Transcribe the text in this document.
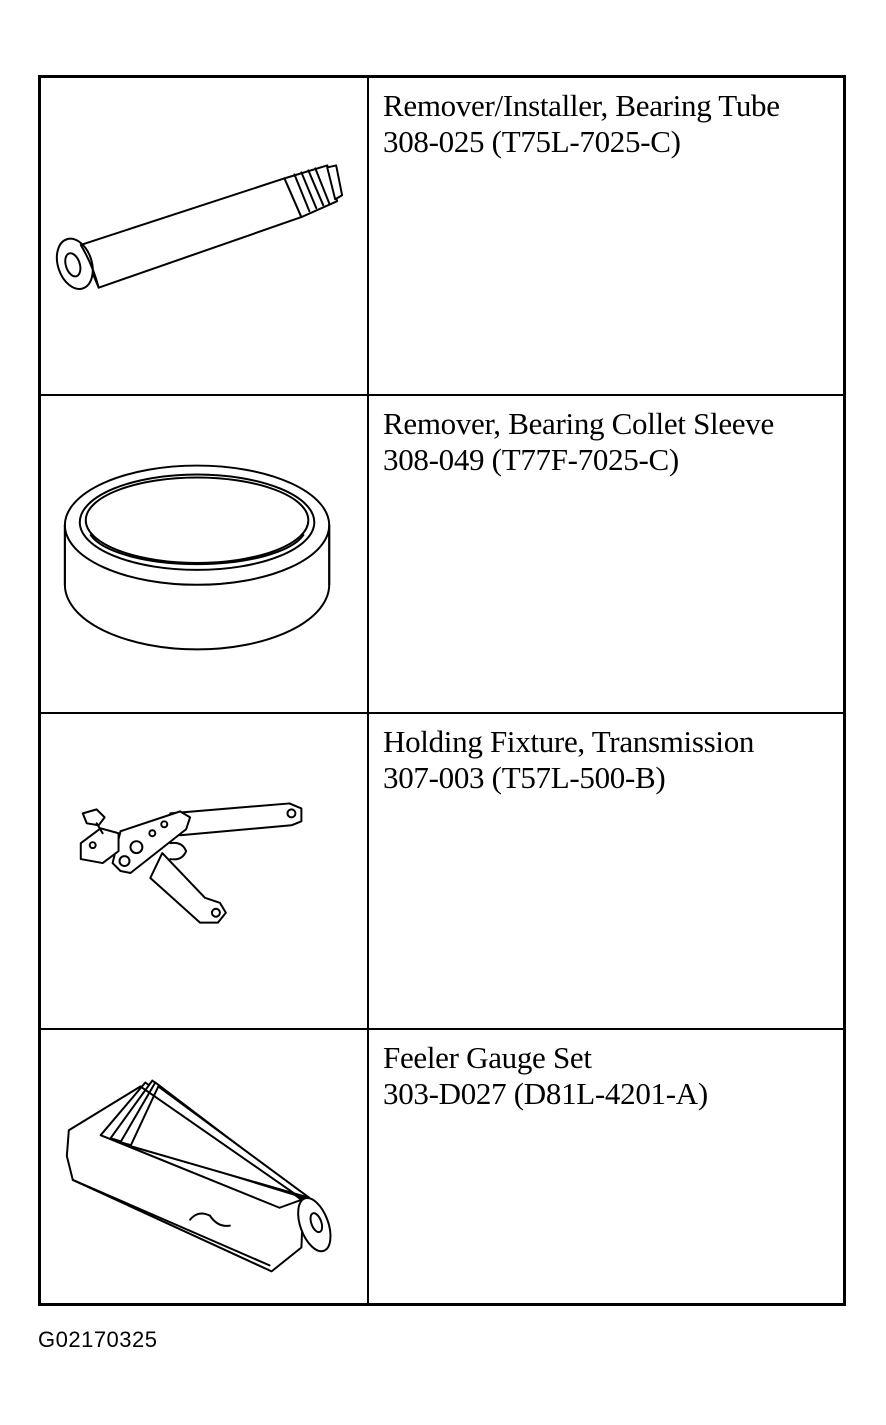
Remover/Installer, Bearing Tube
308-025 (T75L-7025-C)
Remover, Bearing Collet Sleeve
308-049 (T77F-7025-C)
Holding Fixture, Transmission
307-003 (T57L-500-B)
Feeler Gauge Set
303-D027 (D81L-4201-A)
G02170325
